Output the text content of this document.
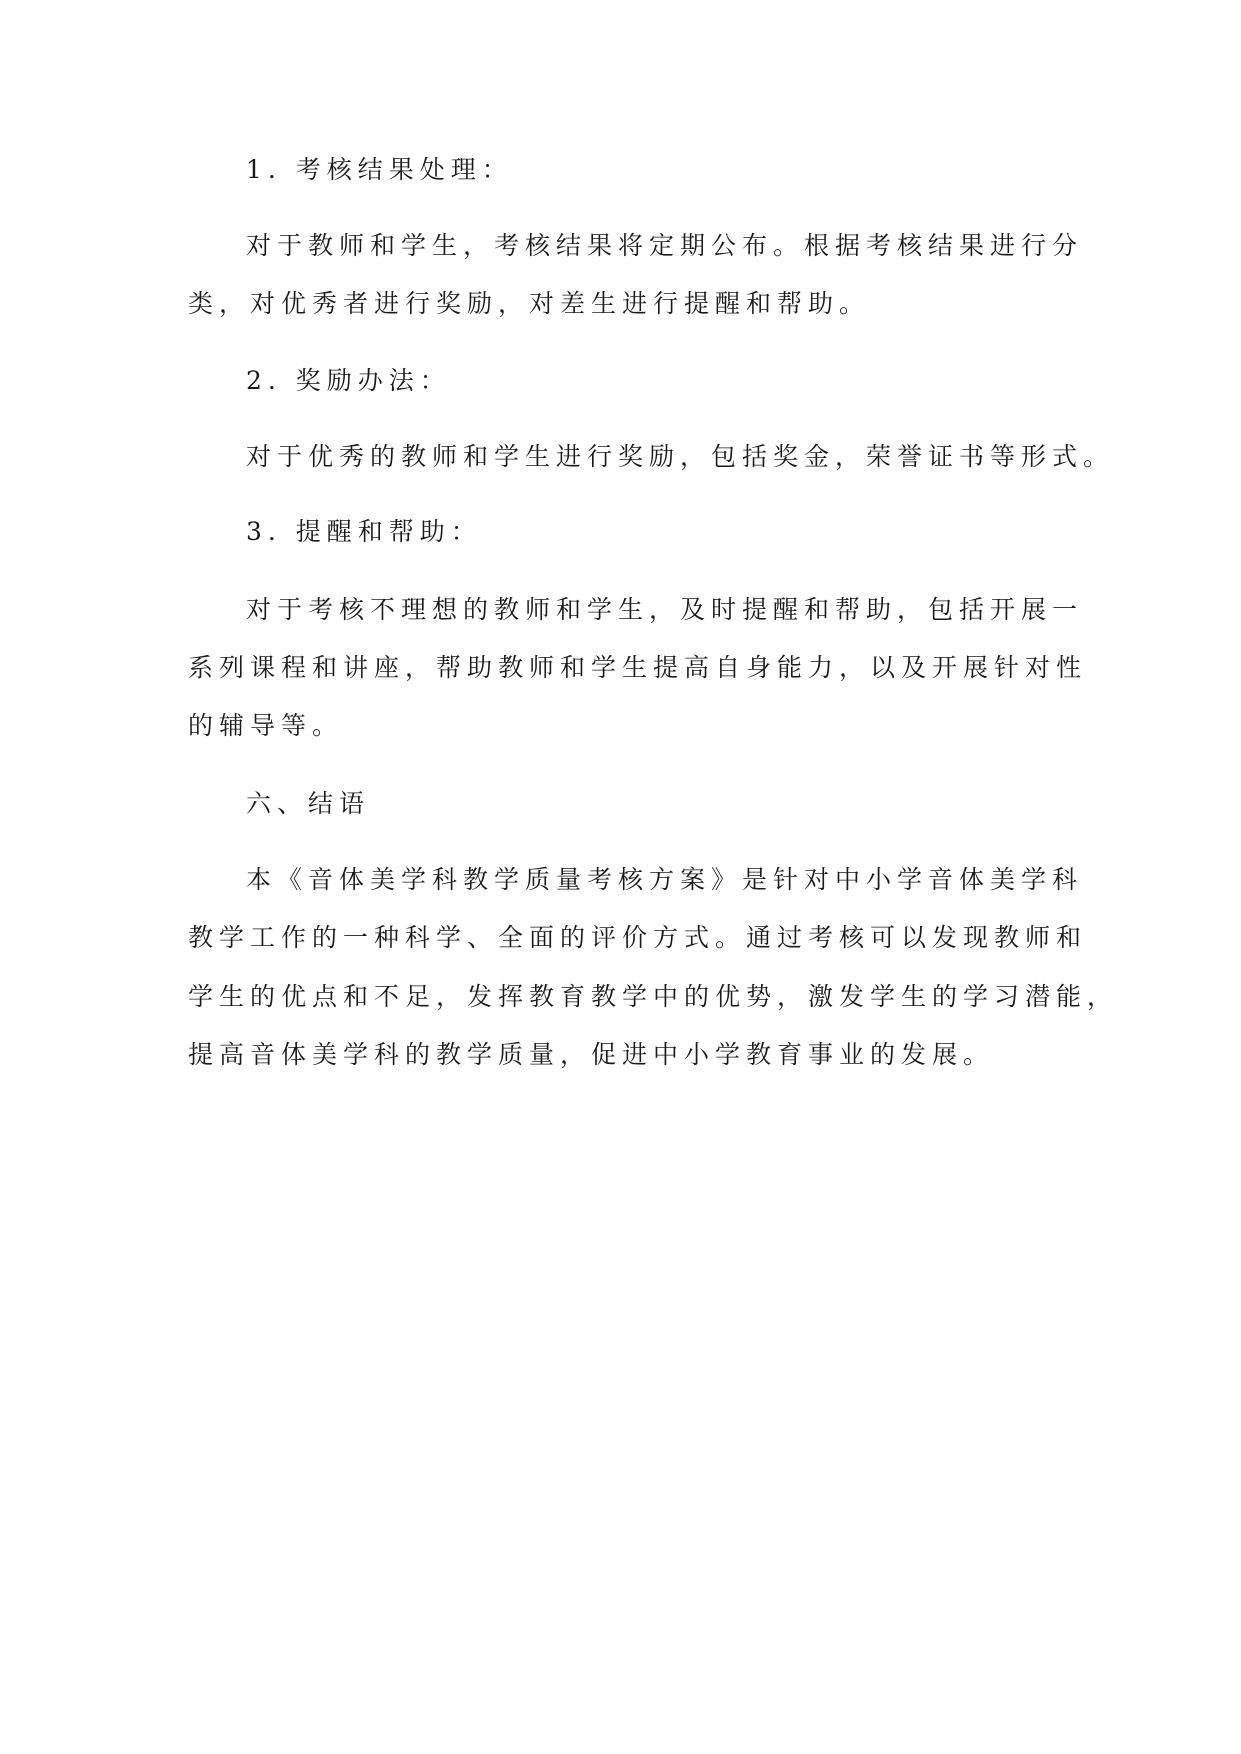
1. 考核结果处理：

对于教师和学生，考核结果将定期公布。根据考核结果进行分

类，对优秀者进行奖励，对差生进行提醒和帮助。

2. 奖励办法：

对于优秀的教师和学生进行奖励，包括奖金，荣誉证书等形式。

3. 提醒和帮助：

对于考核不理想的教师和学生，及时提醒和帮助，包括开展一

系列课程和讲座，帮助教师和学生提高自身能力，以及开展针对性

的辅导等。

六、结语

本《音体美学科教学质量考核方案》是针对中小学音体美学科

教学工作的一种科学、全面的评价方式。通过考核可以发现教师和

学生的优点和不足，发挥教育教学中的优势，激发学生的学习潜能，

提高音体美学科的教学质量，促进中小学教育事业的发展。
